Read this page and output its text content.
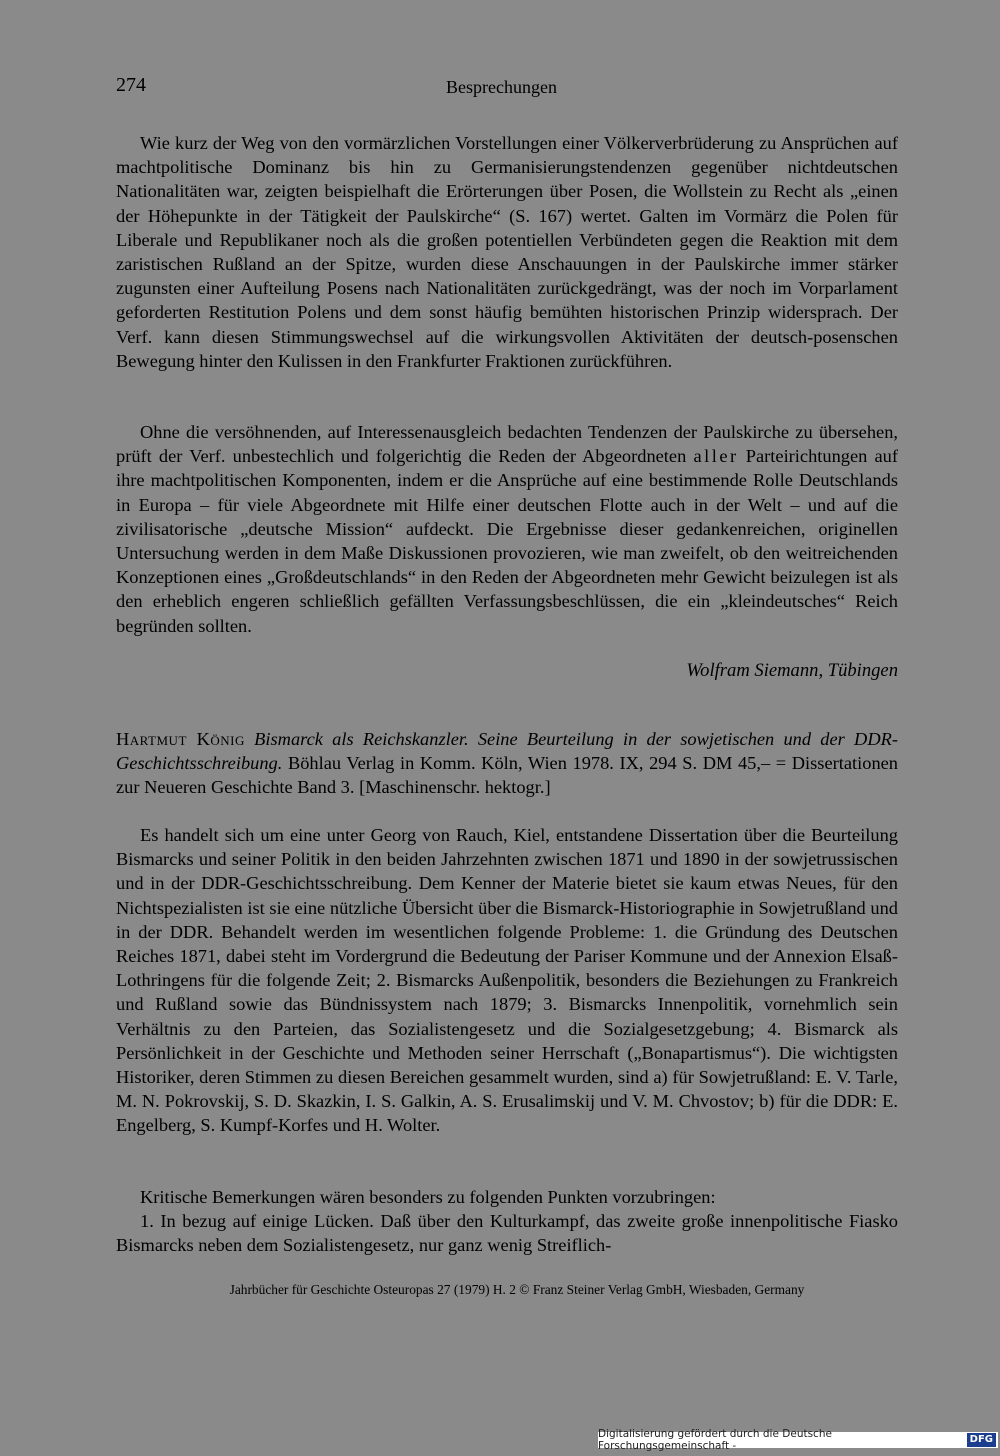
274	Besprechungen

Wie kurz der Weg von den vormärzlichen Vorstellungen einer Völkerverbrüderung zu Ansprüchen auf machtpolitische Dominanz bis hin zu Germanisierungstendenzen gegenüber nichtdeutschen Nationalitäten war, zeigten beispielhaft die Erörterungen über Posen, die Wollstein zu Recht als „einen der Höhepunkte in der Tätigkeit der Paulskirche“ (S. 167) wertet. Galten im Vormärz die Polen für Liberale und Republikaner noch als die großen potentiellen Verbündeten gegen die Reaktion mit dem zaristischen Rußland an der Spitze, wurden diese Anschauungen in der Paulskirche immer stärker zugunsten einer Aufteilung Posens nach Nationalitäten zurückgedrängt, was der noch im Vorparlament geforderten Restitution Polens und dem sonst häufig bemühten historischen Prinzip widersprach. Der Verf. kann diesen Stimmungswechsel auf die wirkungsvollen Aktivitäten der deutsch-posenschen Bewegung hinter den Kulissen in den Frankfurter Fraktionen zurückführen.

Ohne die versöhnenden, auf Interessenausgleich bedachten Tendenzen der Paulskirche zu übersehen, prüft der Verf. unbestechlich und folgerichtig die Reden der Abgeordneten aller Parteirichtungen auf ihre machtpolitischen Komponenten, indem er die Ansprüche auf eine bestimmende Rolle Deutschlands in Europa – für viele Abgeordnete mit Hilfe einer deutschen Flotte auch in der Welt – und auf die zivilisatorische „deutsche Mission“ aufdeckt. Die Ergebnisse dieser gedankenreichen, originellen Untersuchung werden in dem Maße Diskussionen provozieren, wie man zweifelt, ob den weitreichenden Konzeptionen eines „Großdeutschlands“ in den Reden der Abgeordneten mehr Gewicht beizulegen ist als den erheblich engeren schließlich gefällten Verfassungsbeschlüssen, die ein „kleindeutsches“ Reich begründen sollten.

Wolfram Siemann, Tübingen

Hartmut König Bismarck als Reichskanzler. Seine Beurteilung in der sowjetischen und der DDR-Geschichtsschreibung. Böhlau Verlag in Komm. Köln, Wien 1978. IX, 294 S. DM 45,– = Dissertationen zur Neueren Geschichte Band 3. [Maschinenschr. hektogr.]

Es handelt sich um eine unter Georg von Rauch, Kiel, entstandene Dissertation über die Beurteilung Bismarcks und seiner Politik in den beiden Jahrzehnten zwischen 1871 und 1890 in der sowjetrussischen und in der DDR-Geschichtsschreibung. Dem Kenner der Materie bietet sie kaum etwas Neues, für den Nichtspezialisten ist sie eine nützliche Übersicht über die Bismarck-Historiographie in Sowjetrußland und in der DDR. Behandelt werden im wesentlichen folgende Probleme: 1. die Gründung des Deutschen Reiches 1871, dabei steht im Vordergrund die Bedeutung der Pariser Kommune und der Annexion Elsaß-Lothringens für die folgende Zeit; 2. Bismarcks Außenpolitik, besonders die Beziehungen zu Frankreich und Rußland sowie das Bündnissystem nach 1879; 3. Bismarcks Innenpolitik, vornehmlich sein Verhältnis zu den Parteien, das Sozialistengesetz und die Sozialgesetzgebung; 4. Bismarck als Persönlichkeit in der Geschichte und Methoden seiner Herrschaft („Bonapartismus“). Die wichtigsten Historiker, deren Stimmen zu diesen Bereichen gesammelt wurden, sind a) für Sowjetrußland: E. V. Tarle, M. N. Pokrovskij, S. D. Skazkin, I. S. Galkin, A. S. Erusalimskij und V. M. Chvostov; b) für die DDR: E. Engelberg, S. Kumpf-Korfes und H. Wolter.

Kritische Bemerkungen wären besonders zu folgenden Punkten vorzubringen:

1. In bezug auf einige Lücken. Daß über den Kulturkampf, das zweite große innenpolitische Fiasko Bismarcks neben dem Sozialistengesetz, nur ganz wenig Streiflich-

Jahrbücher für Geschichte Osteuropas 27 (1979) H. 2 © Franz Steiner Verlag GmbH, Wiesbaden, Germany
Digitalisierung gefördert durch die Deutsche Forschungsgemeinschaft -
DFG
